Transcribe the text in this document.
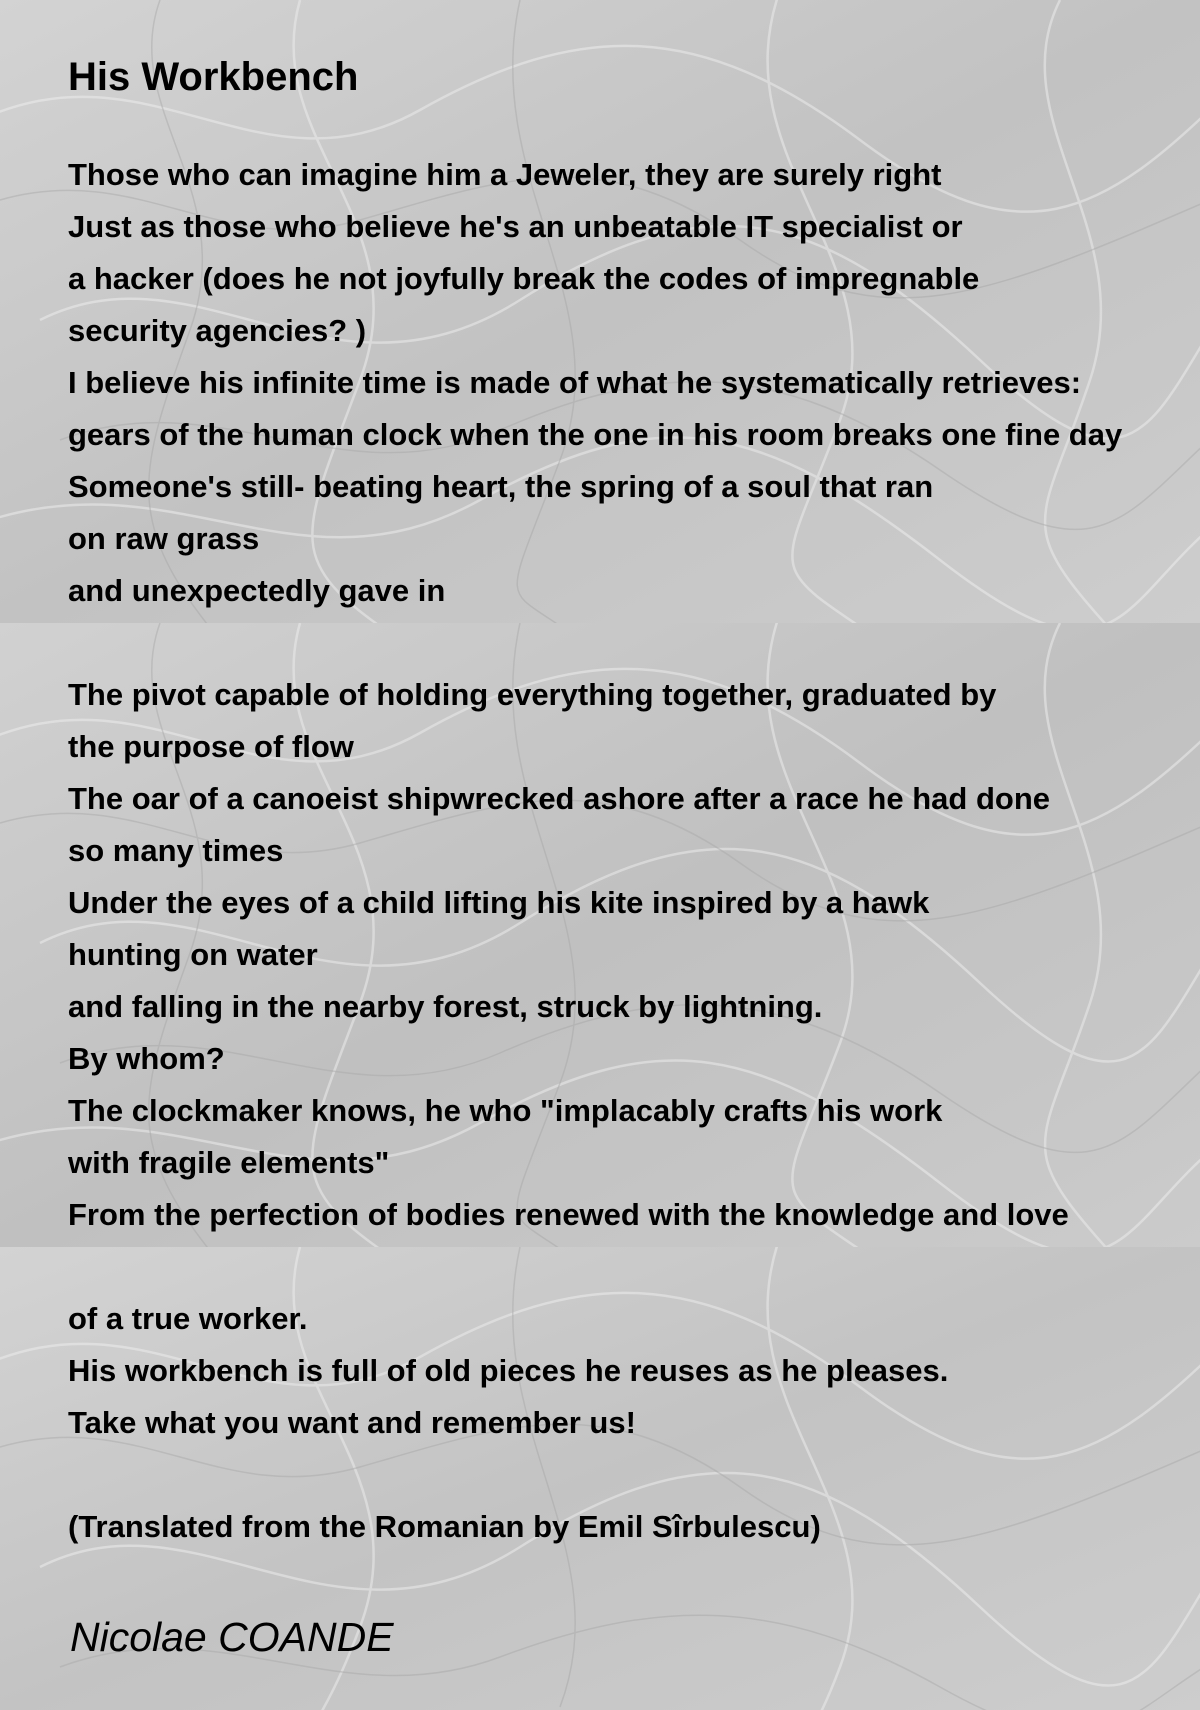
His Workbench

Those who can imagine him a Jeweler, they are surely right

Just as those who believe he's an unbeatable IT specialist or

a hacker (does he not joyfully break the codes of impregnable

security agencies? )

I believe his infinite time is made of what he systematically retrieves:

gears of the human clock when the one in his room breaks one fine day

Someone's still- beating heart, the spring of a soul that ran

on raw grass

and unexpectedly gave in

The pivot capable of holding everything together, graduated by

the purpose of flow

The oar of a canoeist shipwrecked ashore after a race he had done

so many times

Under the eyes of a child lifting his kite inspired by a hawk

hunting on water

and falling in the nearby forest, struck by lightning.

By whom?

The clockmaker knows, he who "implacably crafts his work

with fragile elements"

From the perfection of bodies renewed with the knowledge and love

of a true worker.

His workbench is full of old pieces he reuses as he pleases.

Take what you want and remember us!

(Translated from the Romanian by Emil Sîrbulescu)

Nicolae COANDE
